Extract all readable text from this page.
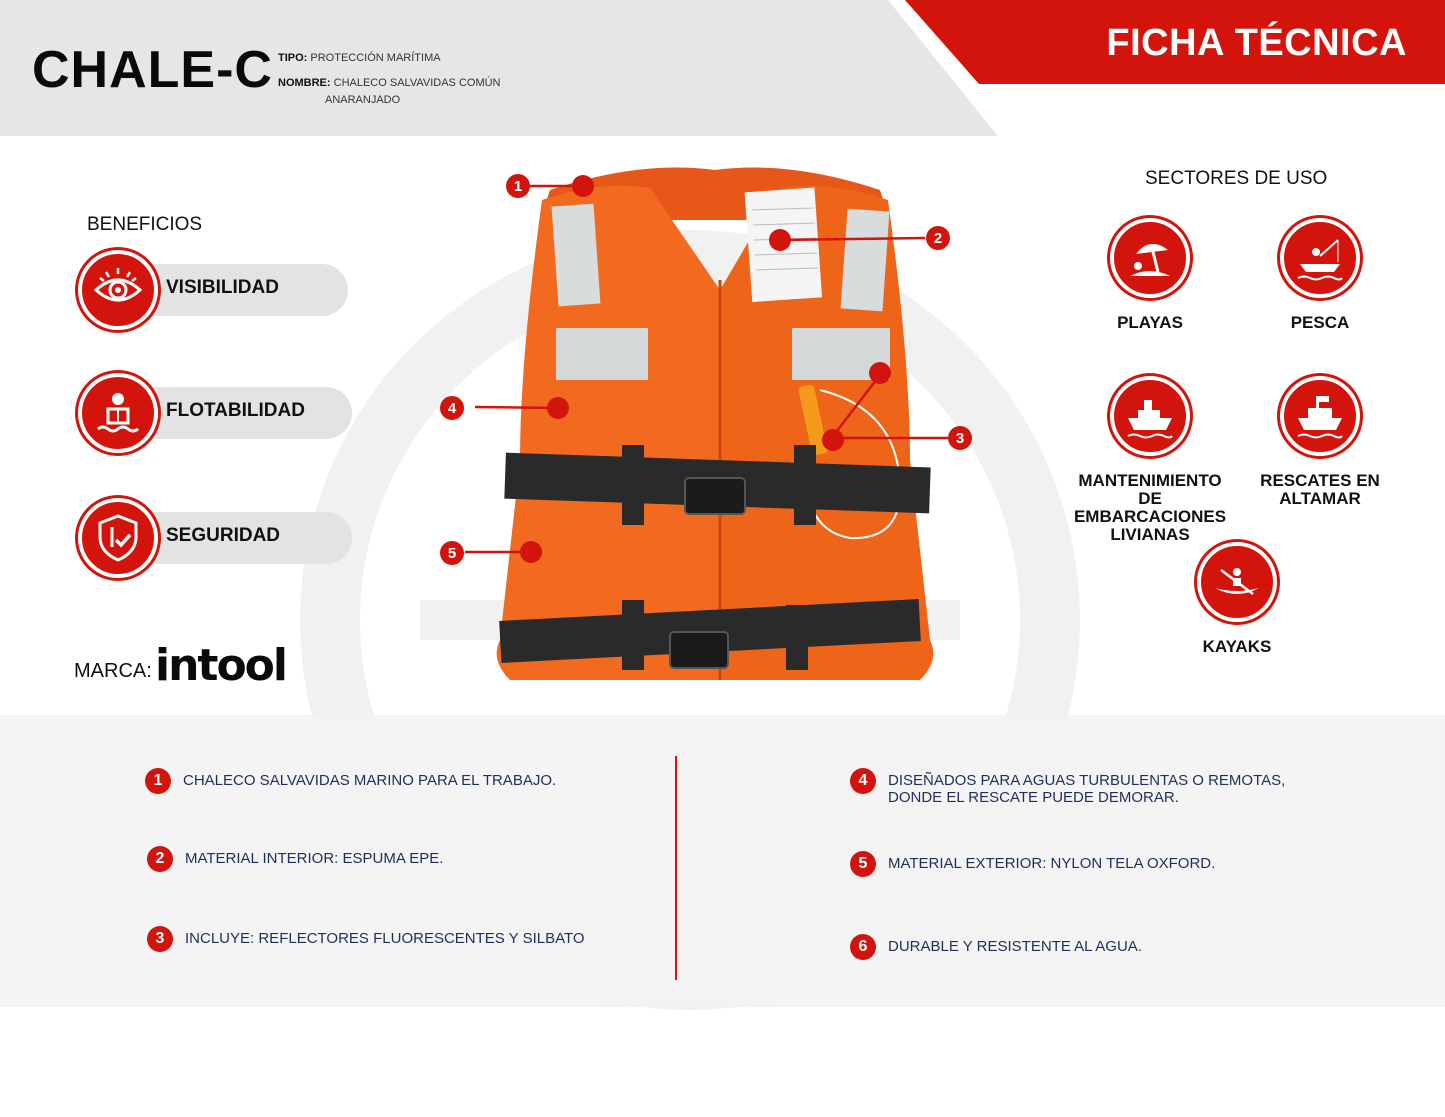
CHALE-C TIPO: PROTECCIÓN MARÍTIMA
NOMBRE: CHALECO SALVAVIDAS COMÚN
ANARANJADO
FICHA TÉCNICA
BENEFICIOS
VISIBILIDAD
FLOTABILIDAD
SEGURIDAD
MARCA: intool
1
2
3
4
5
SECTORES DE USO
PLAYAS	PESCA
MANTENIMIENTO
DE EMBARCACIONES
LIVIANAS
RESCATES EN
ALTAMAR
KAYAKS
1	CHALECO SALVAVIDAS MARINO PARA EL TRABAJO.
2	MATERIAL INTERIOR: ESPUMA EPE.
3	INCLUYE: REFLECTORES FLUORESCENTES Y SILBATO
4	DISEÑADOS PARA AGUAS TURBULENTAS O REMOTAS, DONDE EL RESCATE PUEDE DEMORAR.
5	MATERIAL EXTERIOR: NYLON TELA OXFORD.
6	DURABLE Y RESISTENTE AL AGUA.
